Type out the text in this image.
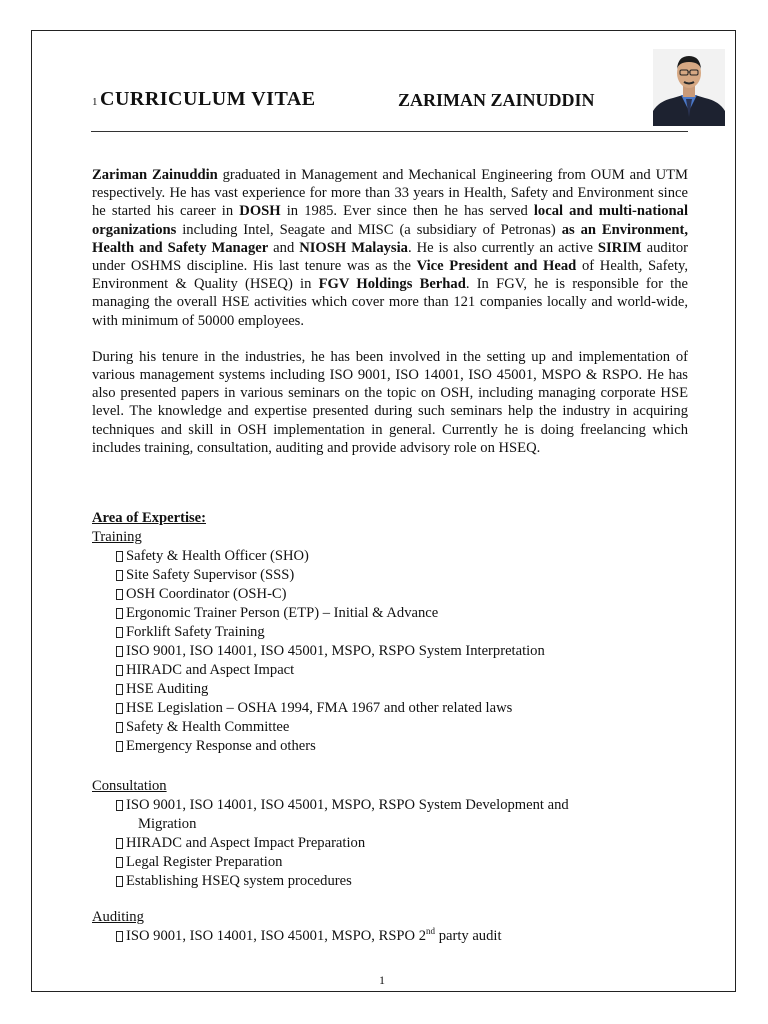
1 CURRICULUM VITAE	ZARIMAN ZAINUDDIN

Zariman Zainuddin graduated in Management and Mechanical Engineering from OUM and UTM respectively. He has vast experience for more than 33 years in Health, Safety and Environment since he started his career in DOSH in 1985. Ever since then he has served local and multi-national organizations including Intel, Seagate and MISC (a subsidiary of Petronas) as an Environment, Health and Safety Manager and NIOSH Malaysia. He is also currently an active SIRIM auditor under OSHMS discipline. His last tenure was as the Vice President and Head of Health, Safety, Environment & Quality (HSEQ) in FGV Holdings Berhad. In FGV, he is responsible for the managing the overall HSE activities which cover more than 121 companies locally and world-wide, with minimum of 50000 employees.

During his tenure in the industries, he has been involved in the setting up and implementation of various management systems including ISO 9001, ISO 14001, ISO 45001, MSPO & RSPO. He has also presented papers in various seminars on the topic on OSH, including managing corporate HSE level. The knowledge and expertise presented during such seminars help the industry in acquiring techniques and skill in OSH implementation in general. Currently he is doing freelancing which includes training, consultation, auditing and provide advisory role on HSEQ.

Area of Expertise:
Training
Safety & Health Officer (SHO)
Site Safety Supervisor (SSS)
OSH Coordinator (OSH-C)
Ergonomic Trainer Person (ETP) – Initial & Advance
Forklift Safety Training
ISO 9001, ISO 14001, ISO 45001, MSPO, RSPO System Interpretation
HIRADC and Aspect Impact
HSE Auditing
HSE Legislation – OSHA 1994, FMA 1967 and other related laws
Safety & Health Committee
Emergency Response and others
Consultation
ISO 9001, ISO 14001, ISO 45001, MSPO, RSPO System Development and
Migration
HIRADC and Aspect Impact Preparation
Legal Register Preparation
Establishing HSEQ system procedures
Auditing
ISO 9001, ISO 14001, ISO 45001, MSPO, RSPO 2nd party audit
1
